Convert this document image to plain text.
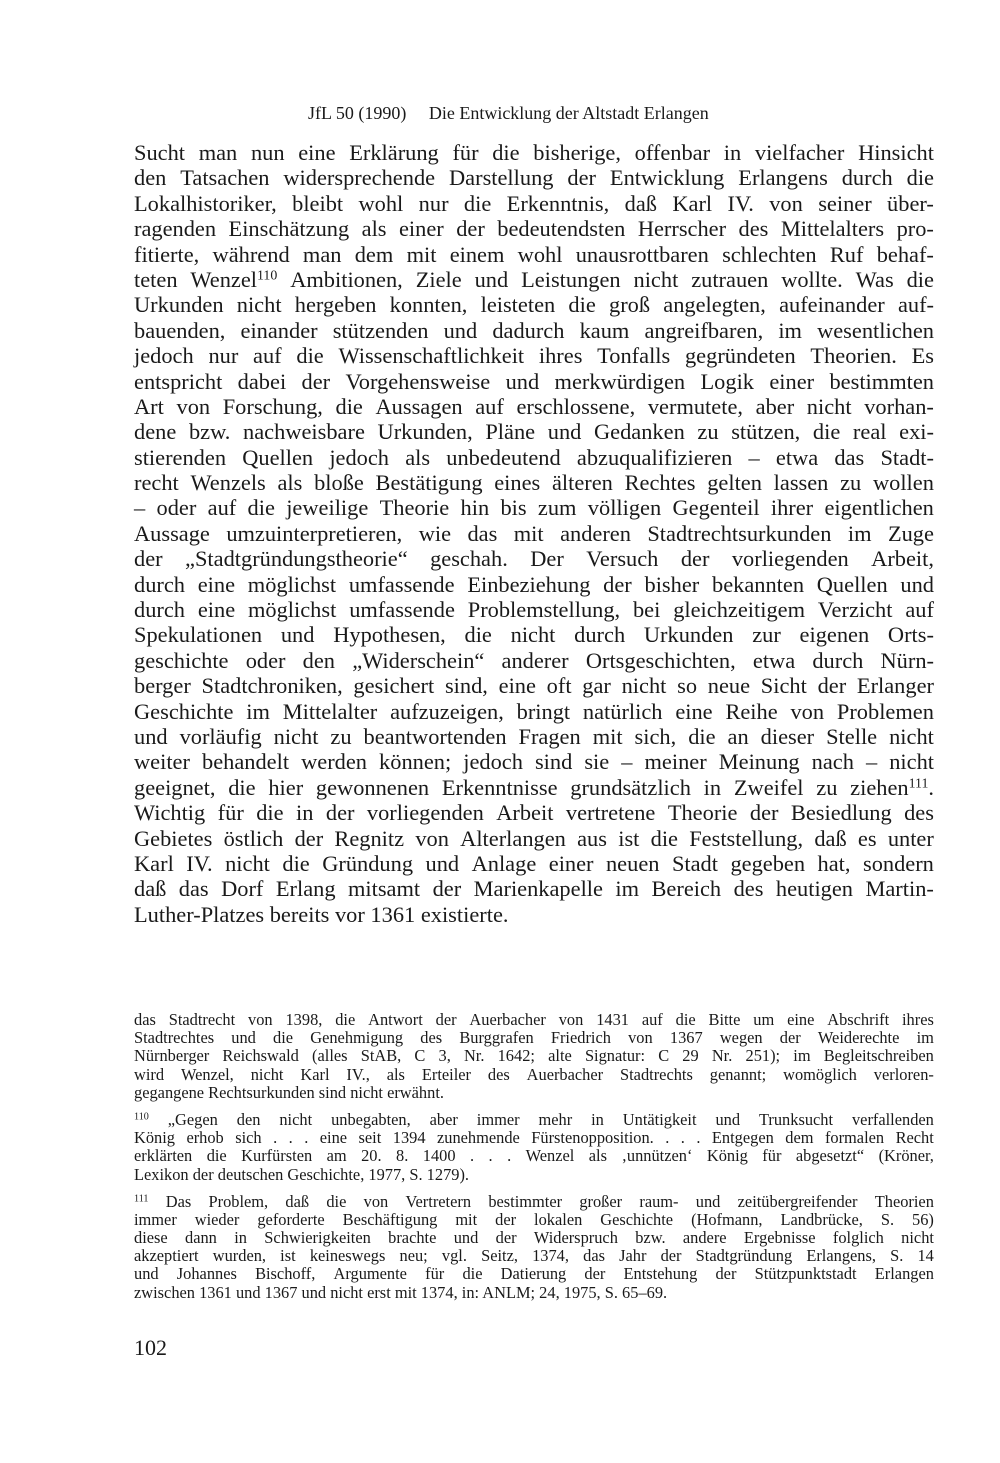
JfL 50 (1990) Die Entwicklung der Altstadt Erlangen
Sucht man nun eine Erklärung für die bisherige, offenbar in vielfacher Hinsicht
den Tatsachen widersprechende Darstellung der Entwicklung Erlangens durch die
Lokalhistoriker, bleibt wohl nur die Erkenntnis, daß Karl IV. von seiner über-
ragenden Einschätzung als einer der bedeutendsten Herrscher des Mittelalters pro-
fitierte, während man dem mit einem wohl unausrottbaren schlechten Ruf behaf-
teten Wenzel$^{110}$ Ambitionen, Ziele und Leistungen nicht zutrauen wollte. Was die
Urkunden nicht hergeben konnten, leisteten die groß angelegten, aufeinander auf-
bauenden, einander stützenden und dadurch kaum angreifbaren, im wesentlichen
jedoch nur auf die Wissenschaftlichkeit ihres Tonfalls gegründeten Theorien. Es
entspricht dabei der Vorgehensweise und merkwürdigen Logik einer bestimmten
Art von Forschung, die Aussagen auf erschlossene, vermutete, aber nicht vorhan-
dene bzw. nachweisbare Urkunden, Pläne und Gedanken zu stützen, die real exi-
stierenden Quellen jedoch als unbedeutend abzuqualifizieren – etwa das Stadt-
recht Wenzels als bloße Bestätigung eines älteren Rechtes gelten lassen zu wollen
– oder auf die jeweilige Theorie hin bis zum völligen Gegenteil ihrer eigentlichen
Aussage umzuinterpretieren, wie das mit anderen Stadtrechtsurkunden im Zuge
der „Stadtgründungstheorie“ geschah. Der Versuch der vorliegenden Arbeit,
durch eine möglichst umfassende Einbeziehung der bisher bekannten Quellen und
durch eine möglichst umfassende Problemstellung, bei gleichzeitigem Verzicht auf
Spekulationen und Hypothesen, die nicht durch Urkunden zur eigenen Orts-
geschichte oder den „Widerschein“ anderer Ortsgeschichten, etwa durch Nürn-
berger Stadtchroniken, gesichert sind, eine oft gar nicht so neue Sicht der Erlanger
Geschichte im Mittelalter aufzuzeigen, bringt natürlich eine Reihe von Problemen
und vorläufig nicht zu beantwortenden Fragen mit sich, die an dieser Stelle nicht
weiter behandelt werden können; jedoch sind sie – meiner Meinung nach – nicht
geeignet, die hier gewonnenen Erkenntnisse grundsätzlich in Zweifel zu ziehen$^{111}$.
Wichtig für die in der vorliegenden Arbeit vertretene Theorie der Besiedlung des
Gebietes östlich der Regnitz von Alterlangen aus ist die Feststellung, daß es unter
Karl IV. nicht die Gründung und Anlage einer neuen Stadt gegeben hat, sondern
daß das Dorf Erlang mitsamt der Marienkapelle im Bereich des heutigen Martin-
Luther-Platzes bereits vor 1361 existierte.
das Stadtrecht von 1398, die Antwort der Auerbacher von 1431 auf die Bitte um eine Abschrift ihres
Stadtrechtes und die Genehmigung des Burggrafen Friedrich von 1367 wegen der Weiderechte im
Nürnberger Reichswald (alles StAB, C 3, Nr. 1642; alte Signatur: C 29 Nr. 251); im Begleitschreiben
wird Wenzel, nicht Karl IV., als Erteiler des Auerbacher Stadtrechts genannt; womöglich verloren-
gegangene Rechtsurkunden sind nicht erwähnt.
$^{110}$ „Gegen den nicht unbegabten, aber immer mehr in Untätigkeit und Trunksucht verfallenden
König erhob sich . . . eine seit 1394 zunehmende Fürstenopposition. . . . Entgegen dem formalen Recht
erklärten die Kurfürsten am 20. 8. 1400 . . . Wenzel als ‚unnützen‘ König für abgesetzt“ (Kröner,
Lexikon der deutschen Geschichte, 1977, S. 1279).
$^{111}$ Das Problem, daß die von Vertretern bestimmter großer raum- und zeitübergreifender Theorien
immer wieder geforderte Beschäftigung mit der lokalen Geschichte (Hofmann, Landbrücke, S. 56)
diese dann in Schwierigkeiten brachte und der Widerspruch bzw. andere Ergebnisse folglich nicht
akzeptiert wurden, ist keineswegs neu; vgl. Seitz, 1374, das Jahr der Stadtgründung Erlangens, S. 14
und Johannes Bischoff, Argumente für die Datierung der Entstehung der Stützpunktstadt Erlangen
zwischen 1361 und 1367 und nicht erst mit 1374, in: ANLM; 24, 1975, S. 65–69.
102
